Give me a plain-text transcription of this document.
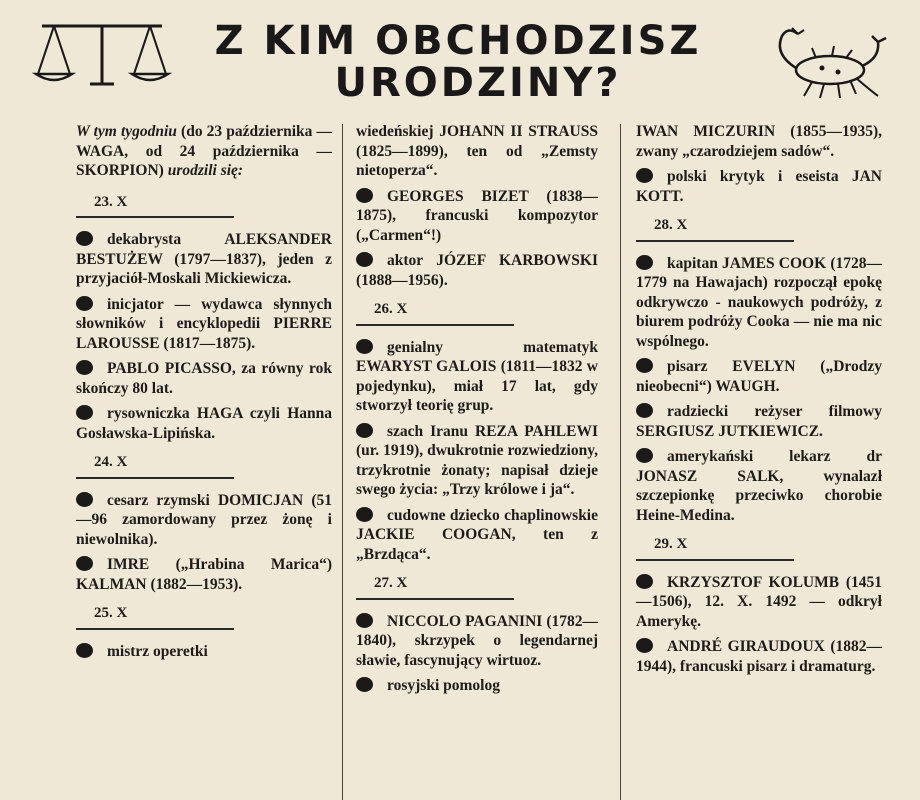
Z KIM OBCHODZISZ
URODZINY?

W tym tygodniu (do 23 października — WAGA, od 24 października — SKORPION) urodzili się:

23. X

dekabrysta ALEKSANDER BESTUŻEW (1797—1837), jeden z przyjaciół-Moskali Mickiewicza.

inicjator — wydawca słynnych słowników i encyklopedii PIERRE LAROUSSE (1817—1875).

PABLO PICASSO, za równy rok skończy 80 lat.

rysowniczka HAGA czyli Hanna Gosławska-Lipińska.

24. X

cesarz rzymski DOMICJAN (51—96 zamordowany przez żonę i niewolnika).

IMRE („Hrabina Marica“) KALMAN (1882—1953).

25. X

mistrz operetki

wiedeńskiej JOHANN II STRAUSS (1825—1899), ten od „Zemsty nietoperza“.

GEORGES BIZET (1838—1875), francuski kompozytor („Carmen“!)

aktor JÓZEF KARBOWSKI (1888—1956).

26. X

genialny matematyk EWARYST GALOIS (1811—1832 w pojedynku), miał 17 lat, gdy stworzył teorię grup.

szach Iranu REZA PAHLEWI (ur. 1919), dwukrotnie rozwiedziony, trzykrotnie żonaty; napisał dzieje swego życia: „Trzy królowe i ja“.

cudowne dziecko chaplinowskie JACKIE COOGAN, ten z „Brzdąca“.

27. X

NICCOLO PAGANINI (1782—1840), skrzypek o legendarnej sławie, fascynujący wirtuoz.

rosyjski pomolog

IWAN MICZURIN (1855—1935), zwany „czarodziejem sadów“.

polski krytyk i eseista JAN KOTT.

28. X

kapitan JAMES COOK (1728—1779 na Hawajach) rozpoczął epokę odkrywczo - naukowych podróży, z biurem podróży Cooka — nie ma nic wspólnego.

pisarz EVELYN („Drodzy nieobecni“) WAUGH.

radziecki reżyser filmowy SERGIUSZ JUTKIEWICZ.

amerykański lekarz dr JONASZ SALK, wynalazł szczepionkę przeciwko chorobie Heine-Medina.

29. X

KRZYSZTOF KOLUMB (1451—1506), 12. X. 1492 — odkrył Amerykę.

ANDRÉ GIRAUDOUX (1882—1944), francuski pisarz i dramaturg.
